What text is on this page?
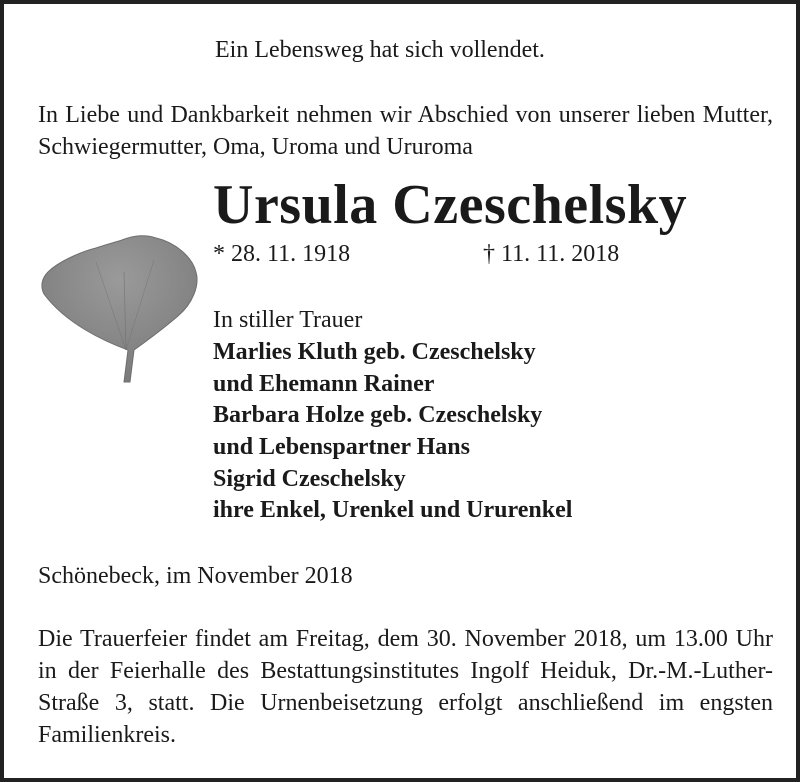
Ein Lebensweg hat sich vollendet.
In Liebe und Dankbarkeit nehmen wir Abschied von unserer lieben Mutter, Schwiegermutter, Oma, Uroma und Ururoma
Ursula Czeschelsky
* 28. 11. 1918	† 11. 11. 2018
In stiller Trauer
Marlies Kluth geb. Czeschelsky
und Ehemann Rainer
Barbara Holze geb. Czeschelsky
und Lebenspartner Hans
Sigrid Czeschelsky
ihre Enkel, Urenkel und Ururenkel
Schönebeck, im November 2018
Die Trauerfeier findet am Freitag, dem 30. November 2018, um 13.00 Uhr in der Feierhalle des Bestattungsinstitutes Ingolf Heiduk, Dr.-M.-Luther-Straße 3, statt. Die Urnenbeisetzung erfolgt anschließend im engsten Familienkreis.
